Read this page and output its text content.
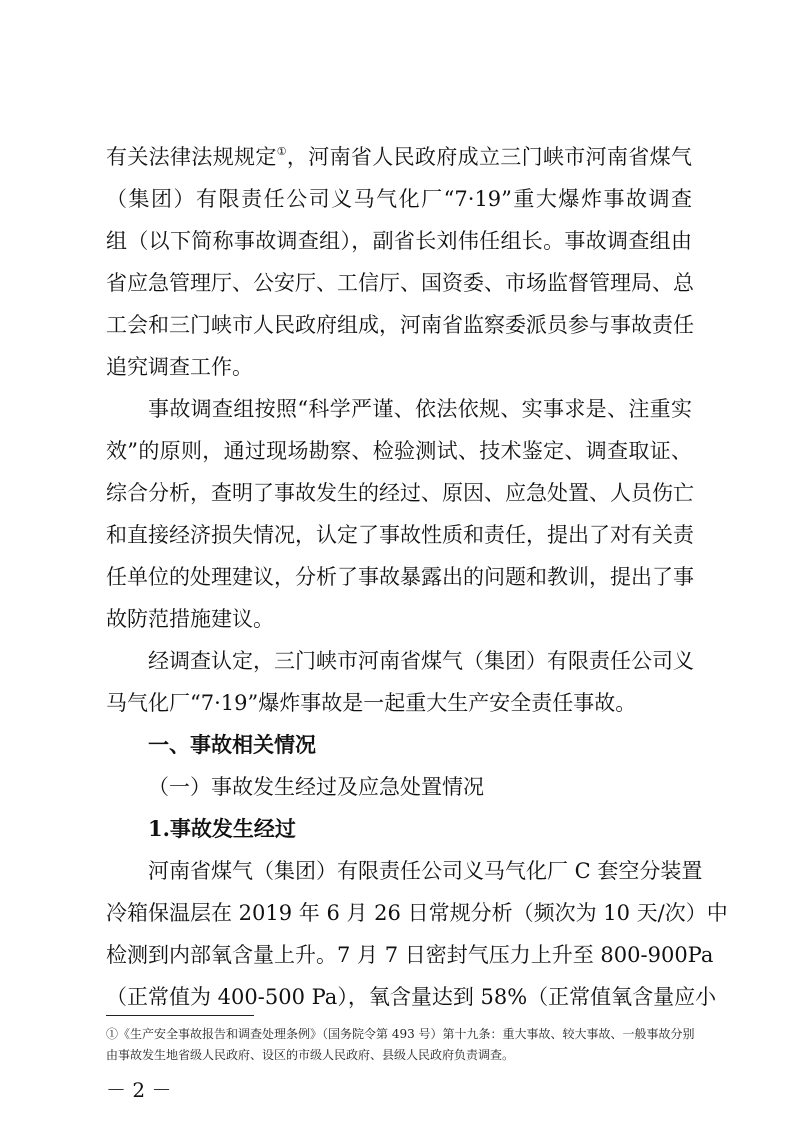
有关法律法规规定①，河南省人民政府成立三门峡市河南省煤气
（集团）有限责任公司义马气化厂“7·19”重大爆炸事故调查
组（以下简称事故调查组），副省长刘伟任组长。事故调查组由
省应急管理厅、公安厅、工信厅、国资委、市场监督管理局、总
工会和三门峡市人民政府组成，河南省监察委派员参与事故责任
追究调查工作。
事故调查组按照“科学严谨、依法依规、实事求是、注重实
效”的原则，通过现场勘察、检验测试、技术鉴定、调查取证、
综合分析，查明了事故发生的经过、原因、应急处置、人员伤亡
和直接经济损失情况，认定了事故性质和责任，提出了对有关责
任单位的处理建议，分析了事故暴露出的问题和教训，提出了事
故防范措施建议。
经调查认定，三门峡市河南省煤气（集团）有限责任公司义
马气化厂“7·19”爆炸事故是一起重大生产安全责任事故。
一、事故相关情况
（一）事故发生经过及应急处置情况
1.事故发生经过
河南省煤气（集团）有限责任公司义马气化厂 C 套空分装置
冷箱保温层在 2019 年 6 月 26 日常规分析（频次为 10 天/次）中
检测到内部氧含量上升。7 月 7 日密封气压力上升至 800-900Pa
（正常值为 400-500 Pa），氧含量达到 58%（正常值氧含量应小
①《生产安全事故报告和调查处理条例》（国务院令第 493 号）第十九条：重大事故、较大事故、一般事故分别
由事故发生地省级人民政府、设区的市级人民政府、县级人民政府负责调查。
－ 2 －
